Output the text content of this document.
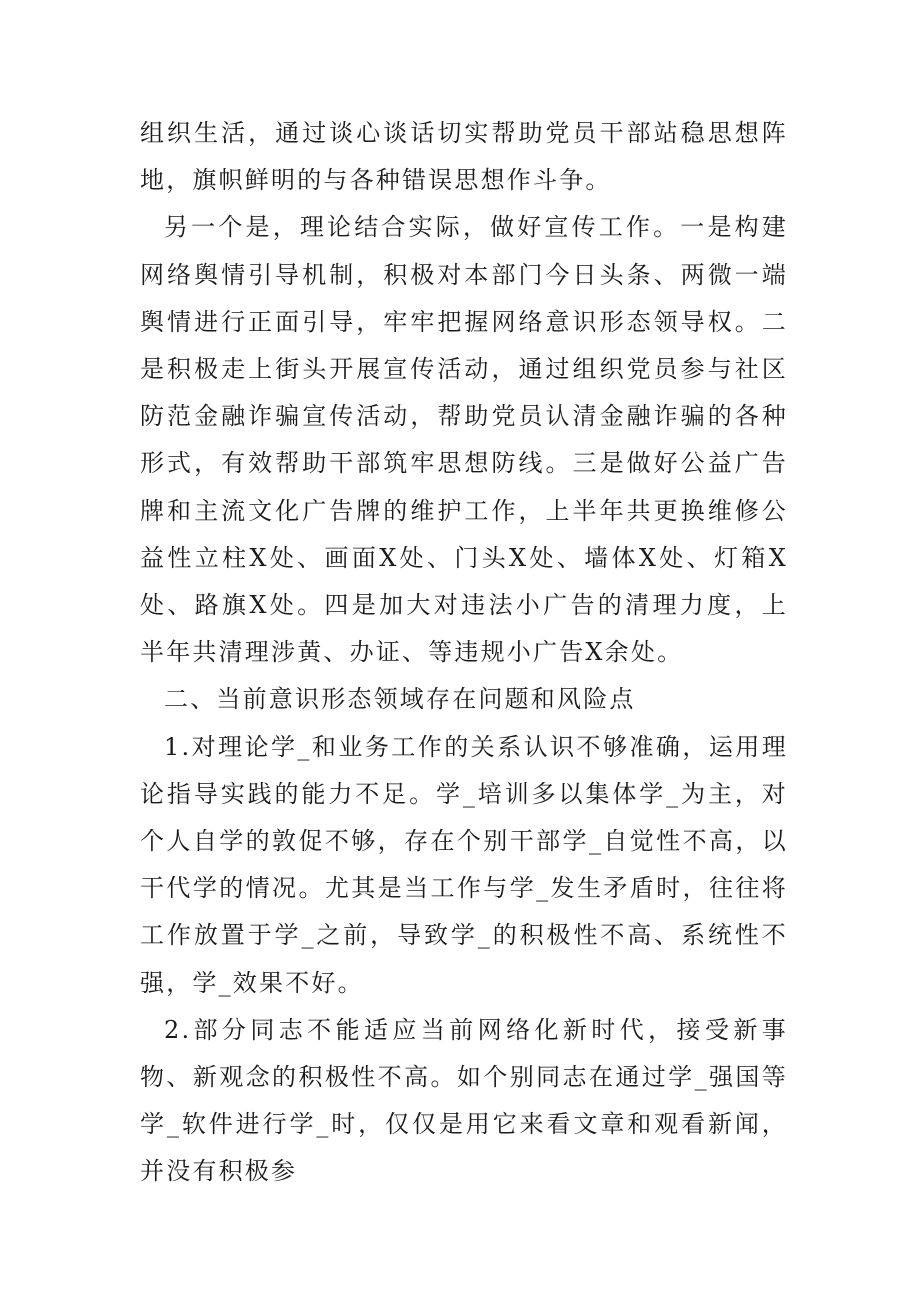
组织生活，通过谈心谈话切实帮助党员干部站稳思想阵地，旗帜鲜明的与各种错误思想作斗争。

另一个是，理论结合实际，做好宣传工作。一是构建网络舆情引导机制，积极对本部门今日头条、两微一端舆情进行正面引导，牢牢把握网络意识形态领导权。二是积极走上街头开展宣传活动，通过组织党员参与社区防范金融诈骗宣传活动，帮助党员认清金融诈骗的各种形式，有效帮助干部筑牢思想防线。三是做好公益广告牌和主流文化广告牌的维护工作，上半年共更换维修公益性立柱X处、画面X处、门头X处、墙体X处、灯箱X处、路旗X处。四是加大对违法小广告的清理力度，上半年共清理涉黄、办证、等违规小广告X余处。

二、当前意识形态领域存在问题和风险点

1.对理论学_和业务工作的关系认识不够准确，运用理论指导实践的能力不足。学_培训多以集体学_为主，对个人自学的敦促不够，存在个别干部学_自觉性不高，以干代学的情况。尤其是当工作与学_发生矛盾时，往往将工作放置于学_之前，导致学_的积极性不高、系统性不强，学_效果不好。

2.部分同志不能适应当前网络化新时代，接受新事物、新观念的积极性不高。如个别同志在通过学_强国等学_软件进行学_时，仅仅是用它来看文章和观看新闻，并没有积极参
